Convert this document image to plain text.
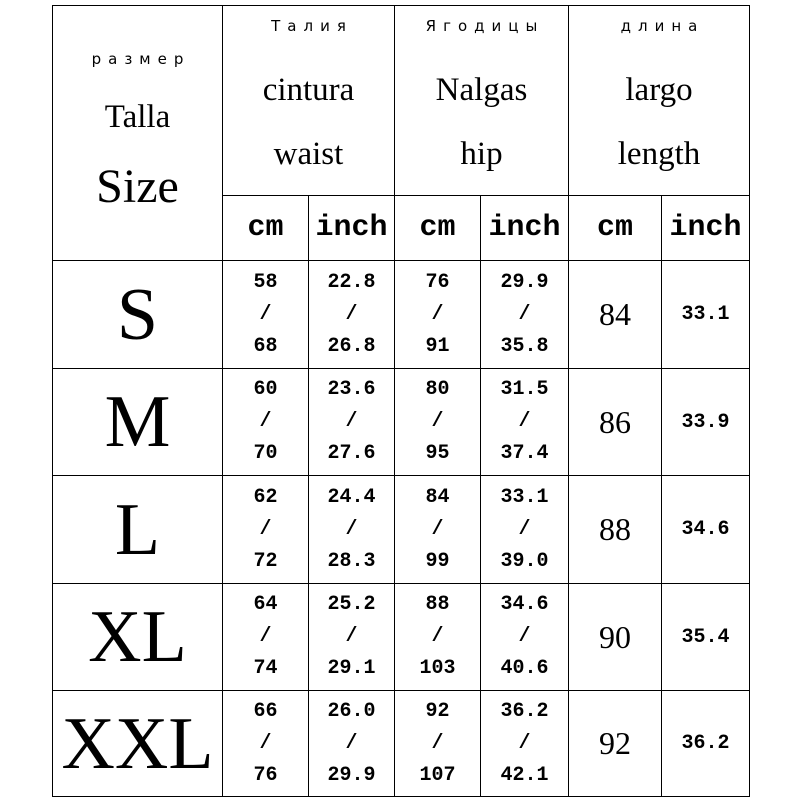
размер
Talla
Size	Талия
cintura
waist		Ягодицы
Nalgas
hip		длина
largo
length	

	cm	inch	cm	inch	cm	inch
S	58
/
68	22.8
/
26.8	76
/
91	29.9
/
35.8	84	33.1
M	60
/
70	23.6
/
27.6	80
/
95	31.5
/
37.4	86	33.9
L	62
/
72	24.4
/
28.3	84
/
99	33.1
/
39.0	88	34.6
XL	64
/
74	25.2
/
29.1	88
/
103	34.6
/
40.6	90	35.4
XXL	66
/
76	26.0
/
29.9	92
/
107	36.2
/
42.1	92	36.2
